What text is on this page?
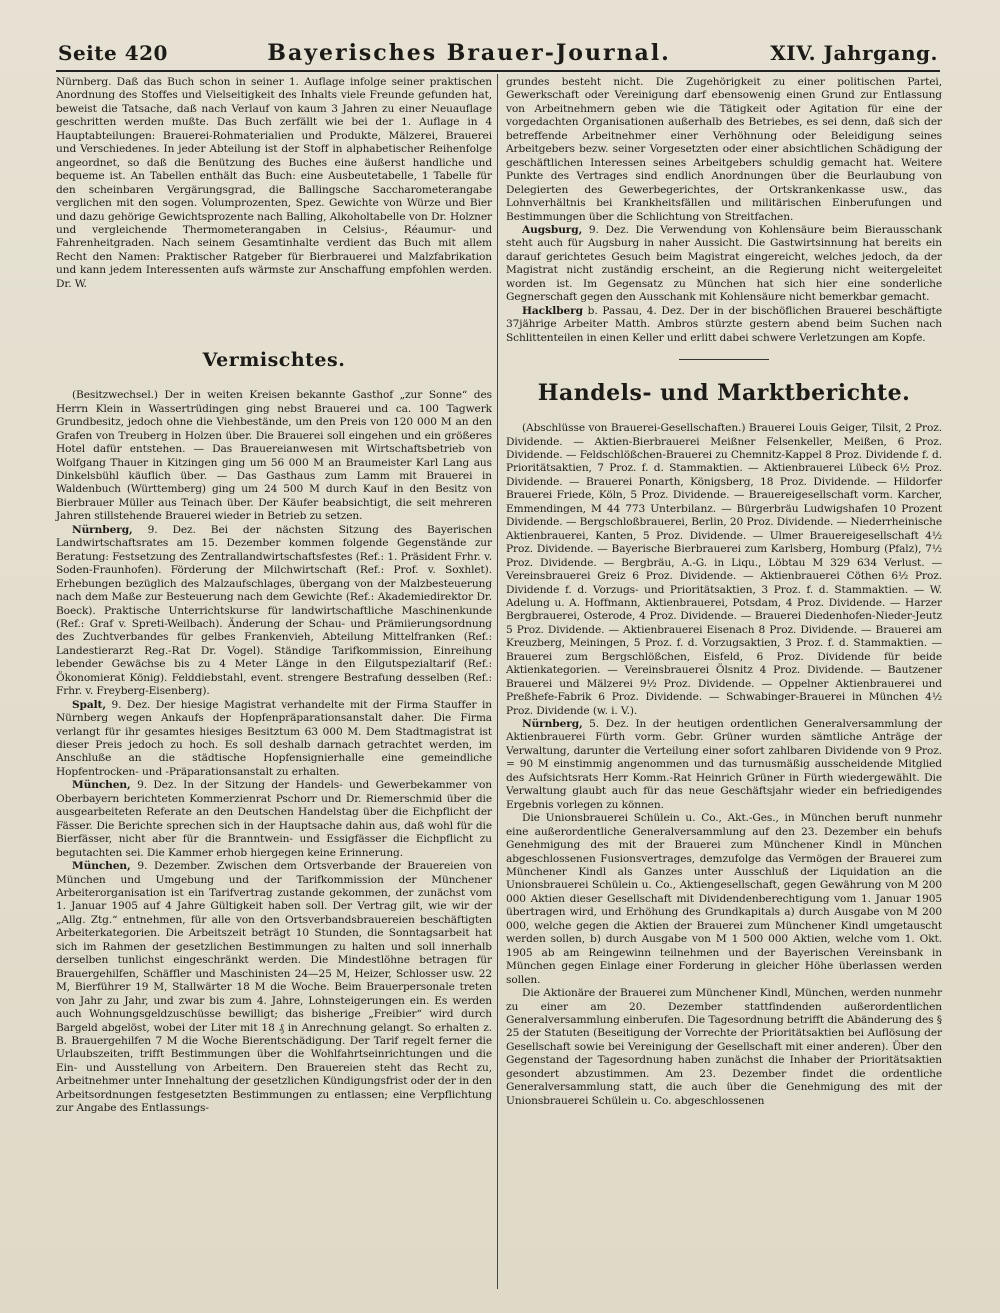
Seite 420	Bayerisches Brauer-Journal.	XIV. Jahrgang.

Nürnberg. Daß das Buch schon in seiner 1. Auflage infolge seiner praktischen Anordnung des Stoffes und Vielseitigkeit des Inhalts viele Freunde gefunden hat, beweist die Tatsache, daß nach Verlauf von kaum 3 Jahren zu einer Neuauflage geschritten werden mußte. Das Buch zerfällt wie bei der 1. Auflage in 4 Hauptabteilungen: Brauerei-Rohmaterialien und Produkte, Mälzerei, Brauerei und Verschiedenes. In jeder Abteilung ist der Stoff in alphabetischer Reihenfolge angeordnet, so daß die Benützung des Buches eine äußerst handliche und bequeme ist. An Tabellen enthält das Buch: eine Ausbeutetabelle, 1 Tabelle für den scheinbaren Vergärungsgrad, die Ballingsche Saccharometerangabe verglichen mit den sogen. Volumprozenten, Spez. Gewichte von Würze und Bier und dazu gehörige Gewichtsprozente nach Balling, Alkoholtabelle von Dr. Holzner und vergleichende Thermometerangaben in Celsius-, Réaumur- und Fahrenheitgraden. Nach seinem Gesamtinhalte verdient das Buch mit allem Recht den Namen: Praktischer Ratgeber für Bierbrauerei und Malzfabrikation und kann jedem Interessenten aufs wärmste zur Anschaffung empfohlen werden. Dr. W.

Vermischtes.

(Besitzwechsel.) Der in weiten Kreisen bekannte Gasthof „zur Sonne“ des Herrn Klein in Wassertrüdingen ging nebst Brauerei und ca. 100 Tagwerk Grundbesitz, jedoch ohne die Viehbestände, um den Preis von 120 000 M an den Grafen von Treuberg in Holzen über. Die Brauerei soll eingehen und ein größeres Hotel dafür entstehen. — Das Brauereianwesen mit Wirtschaftsbetrieb von Wolfgang Thauer in Kitzingen ging um 56 000 M an Braumeister Karl Lang aus Dinkelsbühl käuflich über. — Das Gasthaus zum Lamm mit Brauerei in Waldenbuch (Württemberg) ging um 24 500 M durch Kauf in den Besitz von Bierbrauer Müller aus Teinach über. Der Käufer beabsichtigt, die seit mehreren Jahren stillstehende Brauerei wieder in Betrieb zu setzen.

Nürnberg, 9. Dez. Bei der nächsten Sitzung des Bayerischen Landwirtschaftsrates am 15. Dezember kommen folgende Gegenstände zur Beratung: Festsetzung des Zentrallandwirtschaftsfestes (Ref.: 1. Präsident Frhr. v. Soden-Fraunhofen). Förderung der Milchwirtschaft (Ref.: Prof. v. Soxhlet). Erhebungen bezüglich des Malzaufschlages, übergang von der Malzbesteuerung nach dem Maße zur Besteuerung nach dem Gewichte (Ref.: Akademiedirektor Dr. Boeck). Praktische Unterrichtskurse für landwirtschaftliche Maschinenkunde (Ref.: Graf v. Spreti-Weilbach). Änderung der Schau- und Prämiierungsordnung des Zuchtverbandes für gelbes Frankenvieh, Abteilung Mittelfranken (Ref.: Landestierarzt Reg.-Rat Dr. Vogel). Ständige Tarifkommission, Einreihung lebender Gewächse bis zu 4 Meter Länge in den Eilgutspezialtarif (Ref.: Ökonomierat König). Felddiebstahl, event. strengere Bestrafung desselben (Ref.: Frhr. v. Freyberg-Eisenberg).

Spalt, 9. Dez. Der hiesige Magistrat verhandelte mit der Firma Stauffer in Nürnberg wegen Ankaufs der Hopfenpräparationsanstalt daher. Die Firma verlangt für ihr gesamtes hiesiges Besitztum 63 000 M. Dem Stadtmagistrat ist dieser Preis jedoch zu hoch. Es soll deshalb darnach getrachtet werden, im Anschluße an die städtische Hopfensignierhalle eine gemeindliche Hopfentrocken- und -Präparationsanstalt zu erhalten.

München, 9. Dez. In der Sitzung der Handels- und Gewerbekammer von Oberbayern berichteten Kommerzienrat Pschorr und Dr. Riemerschmid über die ausgearbeiteten Referate an den Deutschen Handelstag über die Eichpflicht der Fässer. Die Berichte sprechen sich in der Hauptsache dahin aus, daß wohl für die Bierfässer, nicht aber für die Branntwein- und Essigfässer die Eichpflicht zu begutachten sei. Die Kammer erhob hiergegen keine Erinnerung.

München, 9. Dezember. Zwischen dem Ortsverbande der Brauereien von München und Umgebung und der Tarifkommission der Münchener Arbeiterorganisation ist ein Tarifvertrag zustande gekommen, der zunächst vom 1. Januar 1905 auf 4 Jahre Gültigkeit haben soll. Der Vertrag gilt, wie wir der „Allg. Ztg.“ entnehmen, für alle von den Ortsverbandsbrauereien beschäftigten Arbeiterkategorien. Die Arbeitszeit beträgt 10 Stunden, die Sonntagsarbeit hat sich im Rahmen der gesetzlichen Bestimmungen zu halten und soll innerhalb derselben tunlichst eingeschränkt werden. Die Mindestlöhne betragen für Brauergehilfen, Schäffler und Maschinisten 24—25 M, Heizer, Schlosser usw. 22 M, Bierführer 19 M, Stallwärter 18 M die Woche. Beim Brauerpersonale treten von Jahr zu Jahr, und zwar bis zum 4. Jahre, Lohnsteigerungen ein. Es werden auch Wohnungsgeldzuschüsse bewilligt; das bisherige „Freibier“ wird durch Bargeld abgelöst, wobei der Liter mit 18 ₰ in Anrechnung gelangt. So erhalten z. B. Brauergehilfen 7 M die Woche Bierentschädigung. Der Tarif regelt ferner die Urlaubszeiten, trifft Bestimmungen über die Wohlfahrtseinrichtungen und die Ein- und Ausstellung von Arbeitern. Den Brauereien steht das Recht zu, Arbeitnehmer unter Innehaltung der gesetzlichen Kündigungsfrist oder der in den Arbeitsordnungen festgesetzten Bestimmungen zu entlassen; eine Verpflichtung zur Angabe des Entlassungs-

grundes besteht nicht. Die Zugehörigkeit zu einer politischen Partei, Gewerkschaft oder Vereinigung darf ebensowenig einen Grund zur Entlassung von Arbeitnehmern geben wie die Tätigkeit oder Agitation für eine der vorgedachten Organisationen außerhalb des Betriebes, es sei denn, daß sich der betreffende Arbeitnehmer einer Verhöhnung oder Beleidigung seines Arbeitgebers bezw. seiner Vorgesetzten oder einer absichtlichen Schädigung der geschäftlichen Interessen seines Arbeitgebers schuldig gemacht hat. Weitere Punkte des Vertrages sind endlich Anordnungen über die Beurlaubung von Delegierten des Gewerbegerichtes, der Ortskrankenkasse usw., das Lohnverhältnis bei Krankheitsfällen und militärischen Einberufungen und Bestimmungen über die Schlichtung von Streitfachen.

Augsburg, 9. Dez. Die Verwendung von Kohlensäure beim Bierausschank steht auch für Augsburg in naher Aussicht. Die Gastwirtsinnung hat bereits ein darauf gerichtetes Gesuch beim Magistrat eingereicht, welches jedoch, da der Magistrat nicht zuständig erscheint, an die Regierung nicht weitergeleitet worden ist. Im Gegensatz zu München hat sich hier eine sonderliche Gegnerschaft gegen den Ausschank mit Kohlensäure nicht bemerkbar gemacht.

Hacklberg b. Passau, 4. Dez. Der in der bischöflichen Brauerei beschäftigte 37jährige Arbeiter Matth. Ambros stürzte gestern abend beim Suchen nach Schlittenteilen in einen Keller und erlitt dabei schwere Verletzungen am Kopfe.

Handels- und Marktberichte.

(Abschlüsse von Brauerei-Gesellschaften.) Brauerei Louis Geiger, Tilsit, 2 Proz. Dividende. — Aktien-Bierbrauerei Meißner Felsenkeller, Meißen, 6 Proz. Dividende. — Feldschlößchen-Brauerei zu Chemnitz-Kappel 8 Proz. Dividende f. d. Prioritätsaktien, 7 Proz. f. d. Stammaktien. — Aktienbrauerei Lübeck 6½ Proz. Dividende. — Brauerei Ponarth, Königsberg, 18 Proz. Dividende. — Hildorfer Brauerei Friede, Köln, 5 Proz. Dividende. — Brauereigesellschaft vorm. Karcher, Emmendingen, M 44 773 Unterbilanz. — Bürgerbräu Ludwigshafen 10 Prozent Dividende. — Bergschloßbrauerei, Berlin, 20 Proz. Dividende. — Niederrheinische Aktienbrauerei, Kanten, 5 Proz. Dividende. — Ulmer Brauereigesellschaft 4½ Proz. Dividende. — Bayerische Bierbrauerei zum Karlsberg, Homburg (Pfalz), 7½ Proz. Dividende. — Bergbräu, A.-G. in Liqu., Löbtau M 329 634 Verlust. — Vereinsbrauerei Greiz 6 Proz. Dividende. — Aktienbrauerei Cöthen 6½ Proz. Dividende f. d. Vorzugs- und Prioritätsaktien, 3 Proz. f. d. Stammaktien. — W. Adelung u. A. Hoffmann, Aktienbrauerei, Potsdam, 4 Proz. Dividende. — Harzer Bergbrauerei, Osterode, 4 Proz. Dividende. — Brauerei Diedenhofen-Nieder-Jeutz 5 Proz. Dividende. — Aktienbrauerei Eisenach 8 Proz. Dividende. — Brauerei am Kreuzberg, Meiningen, 5 Proz. f. d. Vorzugsaktien, 3 Proz. f. d. Stammaktien. — Brauerei zum Bergschlößchen, Eisfeld, 6 Proz. Dividende für beide Aktienkategorien. — Vereinsbrauerei Ölsnitz 4 Proz. Dividende. — Bautzener Brauerei und Mälzerei 9½ Proz. Dividende. — Oppelner Aktienbrauerei und Preßhefe-Fabrik 6 Proz. Dividende. — Schwabinger-Brauerei in München 4½ Proz. Dividende (w. i. V.).

Nürnberg, 5. Dez. In der heutigen ordentlichen Generalversammlung der Aktienbrauerei Fürth vorm. Gebr. Grüner wurden sämtliche Anträge der Verwaltung, darunter die Verteilung einer sofort zahlbaren Dividende von 9 Proz. = 90 M einstimmig angenommen und das turnusmäßig ausscheidende Mitglied des Aufsichtsrats Herr Komm.-Rat Heinrich Grüner in Fürth wiedergewählt. Die Verwaltung glaubt auch für das neue Geschäftsjahr wieder ein befriedigendes Ergebnis vorlegen zu können.

Die Unionsbrauerei Schülein u. Co., Akt.-Ges., in München beruft nunmehr eine außerordentliche Generalversammlung auf den 23. Dezember ein behufs Genehmigung des mit der Brauerei zum Münchener Kindl in München abgeschlossenen Fusionsvertrages, demzufolge das Vermögen der Brauerei zum Münchener Kindl als Ganzes unter Ausschluß der Liquidation an die Unionsbrauerei Schülein u. Co., Aktiengesellschaft, gegen Gewährung von M 200 000 Aktien dieser Gesellschaft mit Dividendenberechtigung vom 1. Januar 1905 übertragen wird, und Erhöhung des Grundkapitals a) durch Ausgabe von M 200 000, welche gegen die Aktien der Brauerei zum Münchener Kindl umgetauscht werden sollen, b) durch Ausgabe von M 1 500 000 Aktien, welche vom 1. Okt. 1905 ab am Reingewinn teilnehmen und der Bayerischen Vereinsbank in München gegen Einlage einer Forderung in gleicher Höhe überlassen werden sollen.

Die Aktionäre der Brauerei zum Münchener Kindl, München, werden nunmehr zu einer am 20. Dezember stattfindenden außerordentlichen Generalversammlung einberufen. Die Tagesordnung betrifft die Abänderung des § 25 der Statuten (Beseitigung der Vorrechte der Prioritätsaktien bei Auflösung der Gesellschaft sowie bei Vereinigung der Gesellschaft mit einer anderen). Über den Gegenstand der Tagesordnung haben zunächst die Inhaber der Prioritätsaktien gesondert abzustimmen. Am 23. Dezember findet die ordentliche Generalversammlung statt, die auch über die Genehmigung des mit der Unionsbrauerei Schülein u. Co. abgeschlossenen
